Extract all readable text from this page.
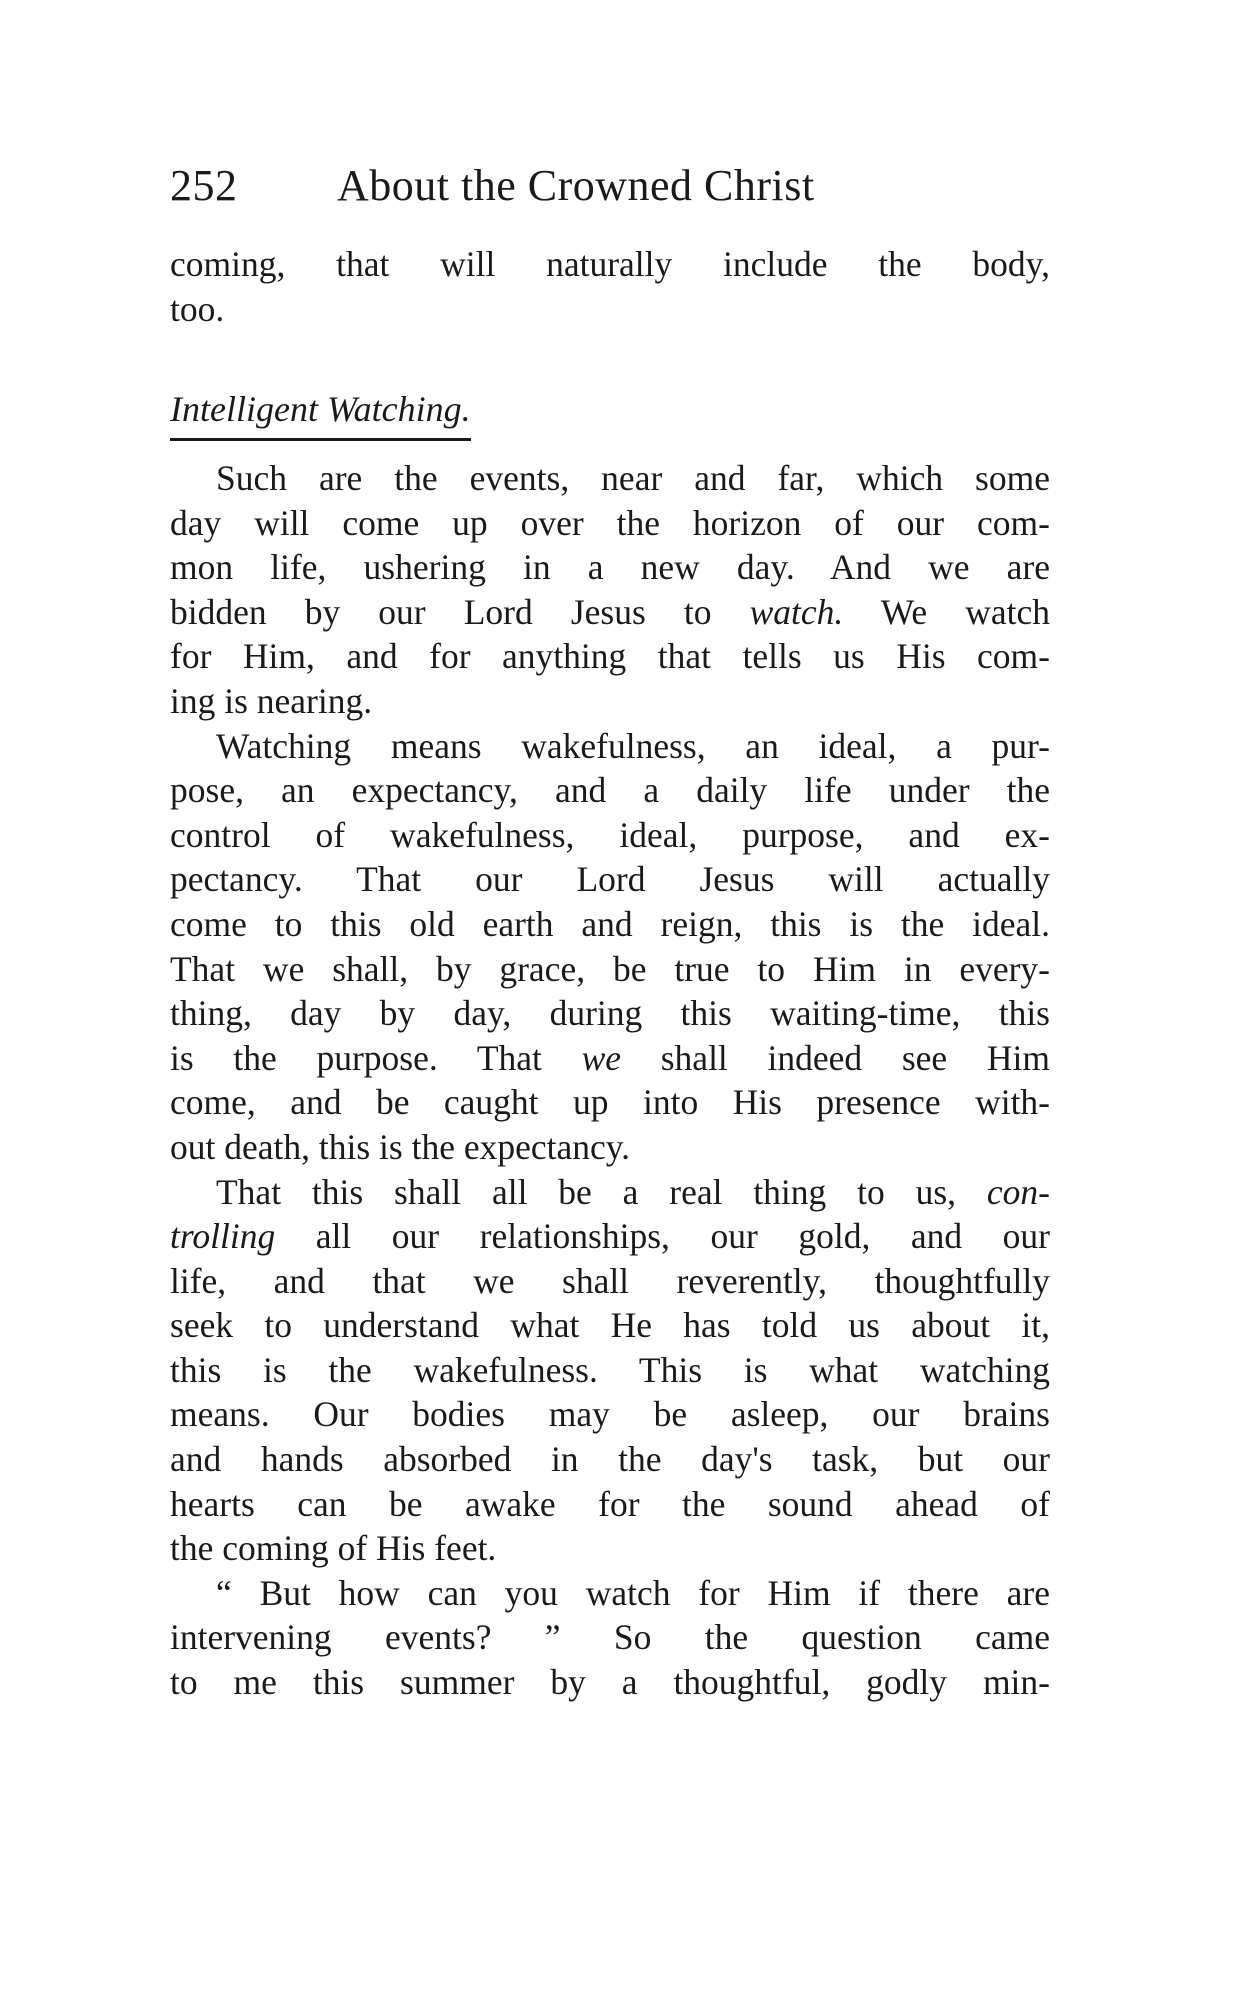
252 About the Crowned Christ
coming, that will naturally include the body,
too.
Intelligent Watching.
Such are the events, near and far, which some
day will come up over the horizon of our com-
mon life, ushering in a new day. And we are
bidden by our Lord Jesus to watch. We watch
for Him, and for anything that tells us His com-
ing is nearing.
Watching means wakefulness, an ideal, a pur-
pose, an expectancy, and a daily life under the
control of wakefulness, ideal, purpose, and ex-
pectancy. That our Lord Jesus will actually
come to this old earth and reign, this is the ideal.
That we shall, by grace, be true to Him in every-
thing, day by day, during this waiting-time, this
is the purpose. That we shall indeed see Him
come, and be caught up into His presence with-
out death, this is the expectancy.
That this shall all be a real thing to us, con-
trolling all our relationships, our gold, and our
life, and that we shall reverently, thoughtfully
seek to understand what He has told us about it,
this is the wakefulness. This is what watching
means. Our bodies may be asleep, our brains
and hands absorbed in the day's task, but our
hearts can be awake for the sound ahead of
the coming of His feet.
“ But how can you watch for Him if there are
intervening events? ” So the question came
to me this summer by a thoughtful, godly min-
